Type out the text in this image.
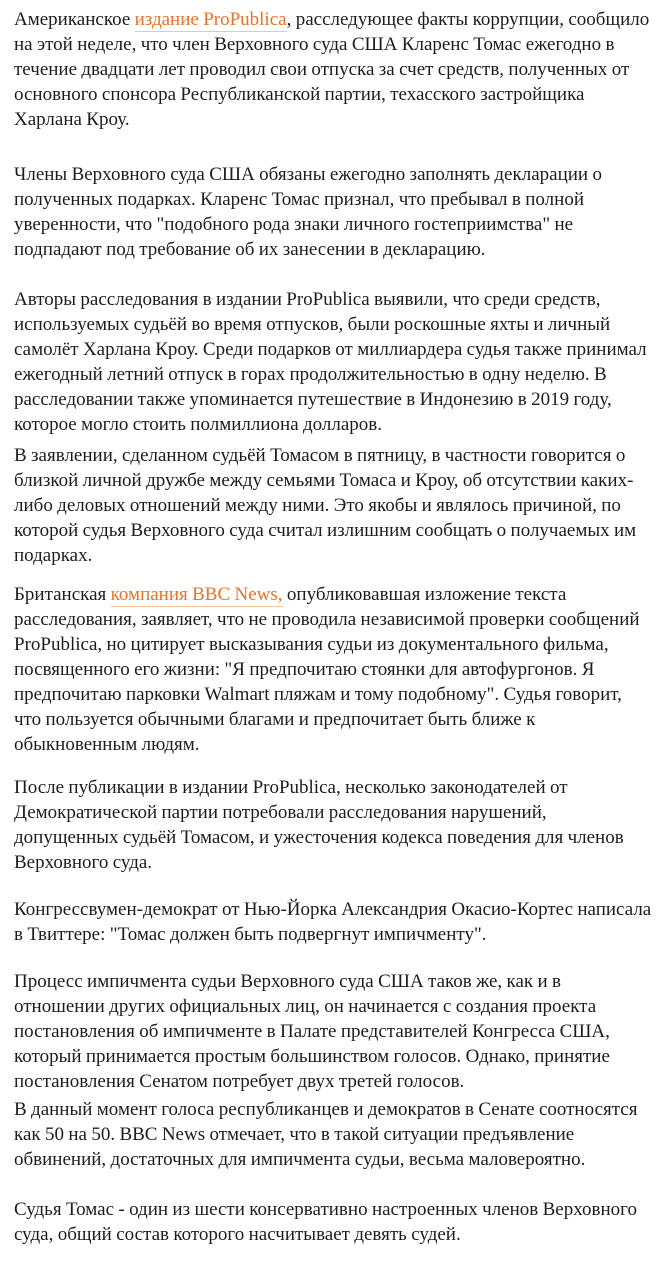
Американское издание ProPublica, расследующее факты коррупции, сообщило на этой неделе, что член Верховного суда США Кларенс Томас ежегодно в течение двадцати лет проводил свои отпуска за счет средств, полученных от основного спонсора Республиканской партии, техасского застройщика Харлана Кроу.

Члены Верховного суда США обязаны ежегодно заполнять декларации о полученных подарках. Кларенс Томас признал, что пребывал в полной уверенности, что "подобного рода знаки личного гостеприимства" не подпадают под требование об их занесении в декларацию.

Авторы расследования в издании ProPublica выявили, что среди средств, используемых судьёй во время отпусков, были роскошные яхты и личный самолёт Харлана Кроу. Среди подарков от миллиардера судья также принимал ежегодный летний отпуск в горах продолжительностью в одну неделю. В расследовании также упоминается путешествие в Индонезию в 2019 году, которое могло стоить полмиллиона долларов.

В заявлении, сделанном судьёй Томасом в пятницу, в частности говорится о близкой личной дружбе между семьями Томаса и Кроу, об отсутствии каких-либо деловых отношений между ними. Это якобы и являлось причиной, по которой судья Верховного суда считал излишним сообщать о получаемых им подарках.

Британская компания BBC News, опубликовавшая изложение текста расследования, заявляет, что не проводила независимой проверки сообщений ProPublica, но цитирует высказывания судьи из документального фильма, посвященного его жизни: "Я предпочитаю стоянки для автофургонов. Я предпочитаю парковки Walmart пляжам и тому подобному". Судья говорит, что пользуется обычными благами и предпочитает быть ближе к обыкновенным людям.

После публикации в издании ProPublica, несколько законодателей от Демократической партии потребовали расследования нарушений, допущенных судьёй Томасом, и ужесточения кодекса поведения для членов Верховного суда.

Конгрессвумен-демократ от Нью-Йорка Александрия Окасио-Кортес написала в Твиттере: "Томас должен быть подвергнут импичменту".

Процесс импичмента судьи Верховного суда США таков же, как и в отношении других официальных лиц, он начинается с создания проекта постановления об импичменте в Палате представителей Конгресса США, который принимается простым большинством голосов. Однако, принятие постановления Сенатом потребует двух третей голосов.

В данный момент голоса республиканцев и демократов в Сенате соотносятся как 50 на 50. BBC News отмечает, что в такой ситуации предъявление обвинений, достаточных для импичмента судьи, весьма маловероятно.

Судья Томас - один из шести консервативно настроенных членов Верховного суда, общий состав которого насчитывает девять судей.
